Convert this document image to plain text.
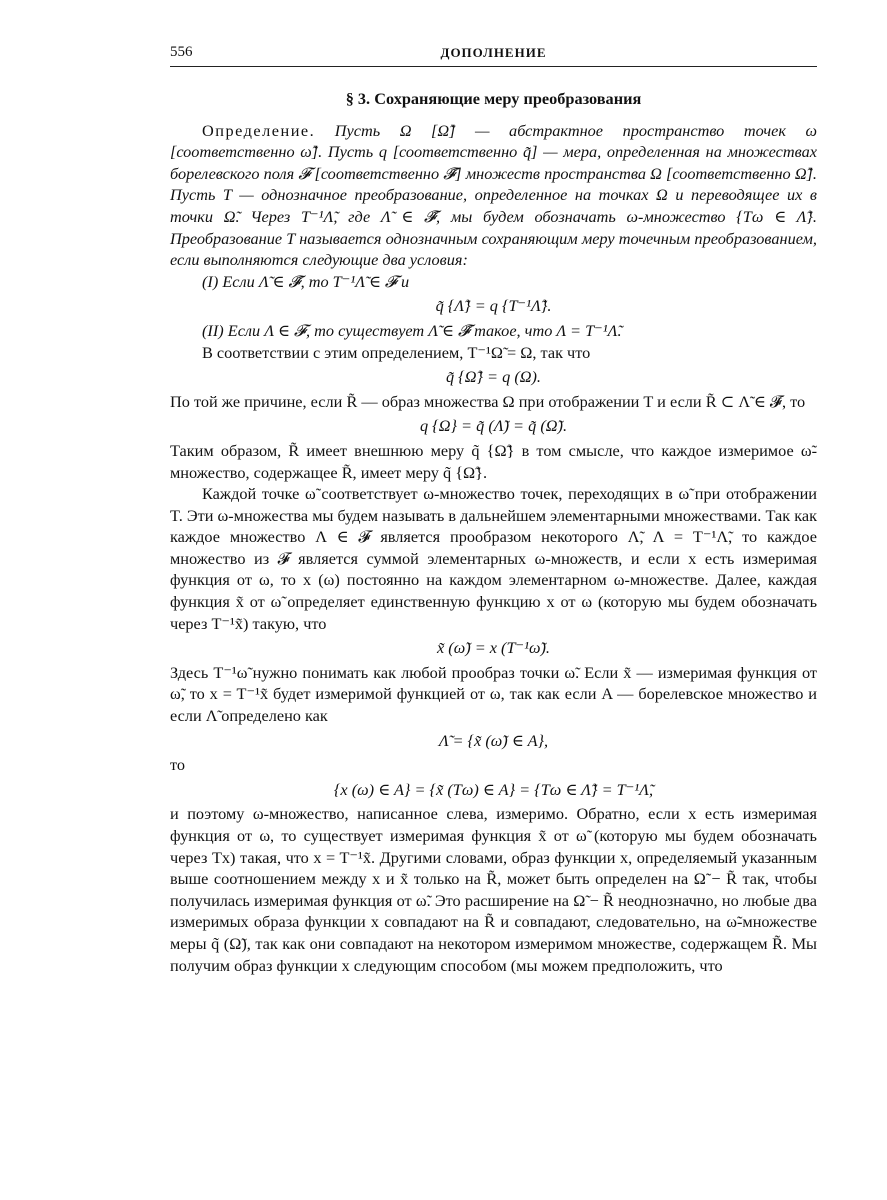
556	ДОПОЛНЕНИЕ
§ 3. Сохраняющие меру преобразования

Определение. Пусть Ω [Ω̃] — абстрактное пространство точек ω [соответственно ω̃]. Пусть q [соответственно q̃] — мера, определенная на множествах борелевского поля 𝓕 [соответственно 𝓕̃] множеств пространства Ω [соответственно Ω̃]. Пусть T — однозначное преобразование, определенное на точках Ω и переводящее их в точки Ω̃. Через T⁻¹Λ̃, где Λ̃ ∈ 𝓕̃, мы будем обозначать ω-множество {Tω ∈ Λ̃}. Преобразование T называется однозначным сохраняющим меру точечным преобразованием, если выполняются следующие два условия:

(I) Если Λ̃ ∈ 𝓕̃, то T⁻¹Λ̃ ∈ 𝓕 и

q̃ {Λ̃} = q {T⁻¹Λ̃}.

(II) Если Λ ∈ 𝓕, то существует Λ̃ ∈ 𝓕̃ такое, что Λ = T⁻¹Λ̃.

В соответствии с этим определением, T⁻¹Ω̃ = Ω, так что

q̃ {Ω̃} = q (Ω).

По той же причине, если R̃ — образ множества Ω при отображении T и если R̃ ⊂ Λ̃ ∈ 𝓕̃, то

q {Ω} = q̃ (Λ̃) = q̃ (Ω̃).

Таким образом, R̃ имеет внешнюю меру q̃ {Ω̃} в том смысле, что каждое измеримое ω̃-множество, содержащее R̃, имеет меру q̃ {Ω̃}.

Каждой точке ω̃ соответствует ω-множество точек, переходящих в ω̃ при отображении T. Эти ω-множества мы будем называть в дальнейшем элементарными множествами. Так как каждое множество Λ ∈ 𝓕 является прообразом некоторого Λ̃, Λ = T⁻¹Λ̃, то каждое множество из 𝓕 является суммой элементарных ω-множеств, и если x есть измеримая функция от ω, то x (ω) постоянно на каждом элементарном ω-множестве. Далее, каждая функция x̃ от ω̃ определяет единственную функцию x от ω (которую мы будем обозначать через T⁻¹x̃) такую, что

x̃ (ω̃) = x (T⁻¹ω̃).

Здесь T⁻¹ω̃ нужно понимать как любой прообраз точки ω̃. Если x̃ — измеримая функция от ω̃, то x = T⁻¹x̃ будет измеримой функцией от ω, так как если A — борелевское множество и если Λ̃ определено как

Λ̃ = {x̃ (ω̃) ∈ A},

то

{x (ω) ∈ A} = {x̃ (Tω) ∈ A} = {Tω ∈ Λ̃} = T⁻¹Λ̃,

и поэтому ω-множество, написанное слева, измеримо. Обратно, если x есть измеримая функция от ω, то существует измеримая функция x̃ от ω̃ (которую мы будем обозначать через Tx) такая, что x = T⁻¹x̃. Другими словами, образ функции x, определяемый указанным выше соотношением между x и x̃ только на R̃, может быть определен на Ω̃ − R̃ так, чтобы получилась измеримая функция от ω̃. Это расширение на Ω̃ − R̃ неоднозначно, но любые два измеримых образа функции x совпадают на R̃ и совпадают, следовательно, на ω̃-множестве меры q̃ (Ω̃), так как они совпадают на некотором измеримом множестве, содержащем R̃. Мы получим образ функции x следующим способом (мы можем предположить, что
